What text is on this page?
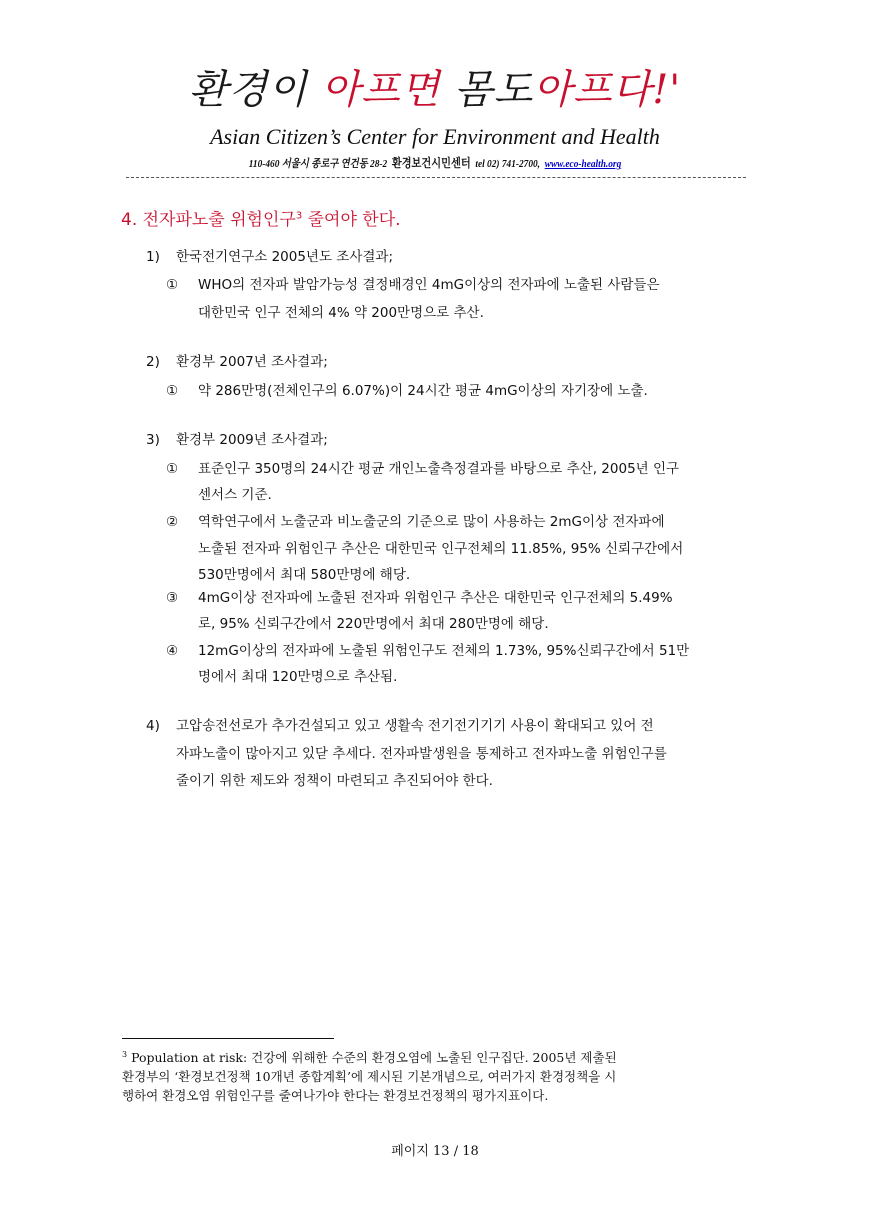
환경이 아프면 몸도아프다!'
Asian Citizen’s Center for Environment and Health
110-460 서울시 종로구 연건동 28-2 환경보건시민센터 tel 02) 741-2700, www.eco-health.org
4. 전자파노출 위험인구$^3$ 줄여야 한다.
1) 한국전기연구소 2005년도 조사결과;
① WHO의 전자파 발암가능성 결정배경인 4mG이상의 전자파에 노출된 사람들은
대한민국 인구 전체의 4% 약 200만명으로 추산.
2) 환경부 2007년 조사결과;
① 약 286만명(전체인구의 6.07%)이 24시간 평균 4mG이상의 자기장에 노출.
3) 환경부 2009년 조사결과;
① 표준인구 350명의 24시간 평균 개인노출측정결과를 바탕으로 추산, 2005년 인구
센서스 기준.
② 역학연구에서 노출군과 비노출군의 기준으로 많이 사용하는 2mG이상 전자파에
노출된 전자파 위험인구 추산은 대한민국 인구전체의 11.85%, 95% 신뢰구간에서
530만명에서 최대 580만명에 해당.
③ 4mG이상 전자파에 노출된 전자파 위험인구 추산은 대한민국 인구전체의 5.49%
로, 95% 신뢰구간에서 220만명에서 최대 280만명에 해당.
④ 12mG이상의 전자파에 노출된 위험인구도 전체의 1.73%, 95%신뢰구간에서 51만
명에서 최대 120만명으로 추산됨.
4) 고압송전선로가 추가건설되고 있고 생활속 전기전기기기 사용이 확대되고 있어 전
자파노출이 많아지고 있닫 추세다. 전자파발생원을 통제하고 전자파노출 위험인구를
줄이기 위한 제도와 정책이 마련되고 추진되어야 한다.
$^3$ Population at risk: 건강에 위해한 수준의 환경오염에 노출된 인구집단. 2005년 제출된
환경부의 ‘환경보건정책 10개년 종합계획’에 제시된 기본개념으로, 여러가지 환경정책을 시
행하여 환경오염 위험인구를 줄여나가야 한다는 환경보건정책의 평가지표이다.
페이지 13 / 18
